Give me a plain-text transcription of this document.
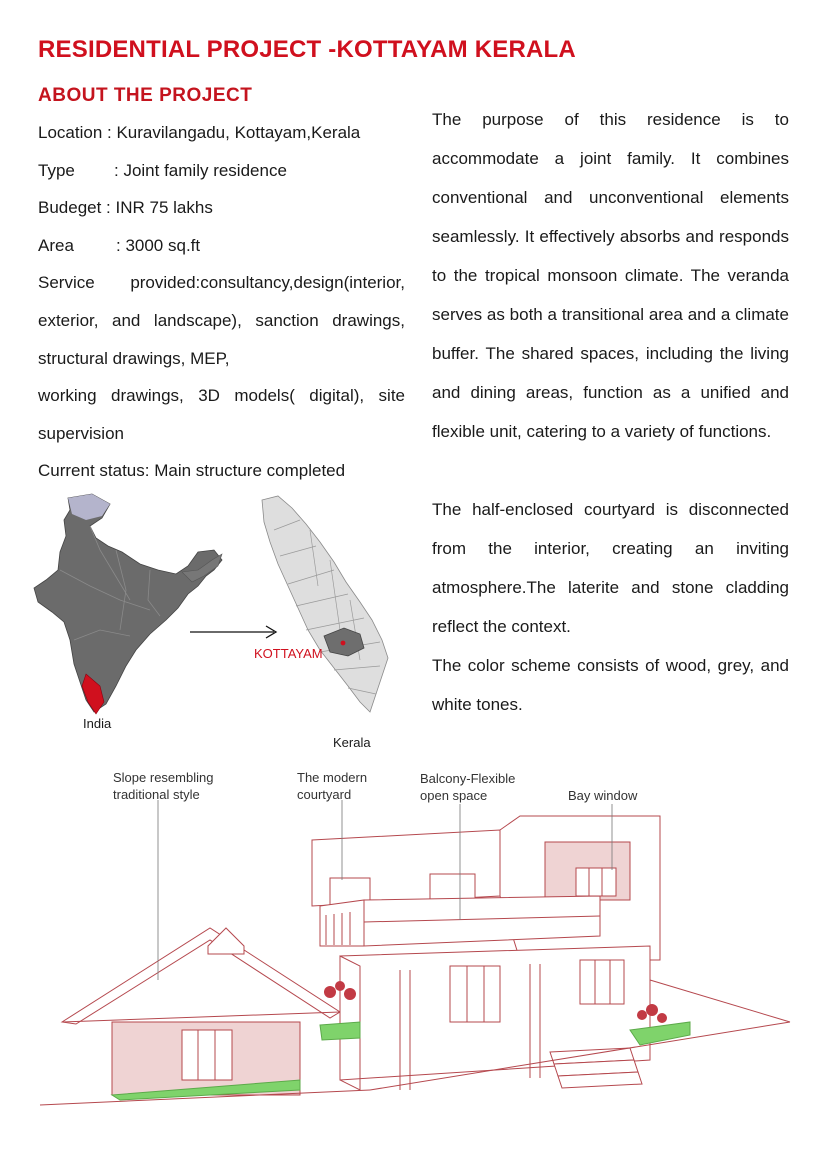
RESIDENTIAL PROJECT -KOTTAYAM KERALA
ABOUT THE PROJECT
Location : Kuravilangadu, Kottayam,Kerala
Type : Joint family residence
Budeget : INR 75 lakhs
Area : 3000 sq.ft
Service provided:consultancy,design(interior, exterior, and landscape), sanction drawings, structural drawings, MEP,
working drawings, 3D models( digital), site supervision
Current status: Main structure completed

The purpose of this residence is to accommodate a joint family. It combines conventional and unconventional elements seamlessly. It effectively absorbs and responds to the tropical monsoon climate. The veranda serves as both a transitional area and a climate buffer. The shared spaces, including the living and dining areas, function as a unified and flexible unit, catering to a variety of functions.

The half-enclosed courtyard is disconnected from the interior, creating an inviting atmosphere.The laterite and stone cladding reflect the context.

The color scheme consists of wood, grey, and white tones.

India
Kerala
KOTTAYAM
Slope resembling
traditional style
The modern
courtyard
Balcony-Flexible
open space	Bay window
